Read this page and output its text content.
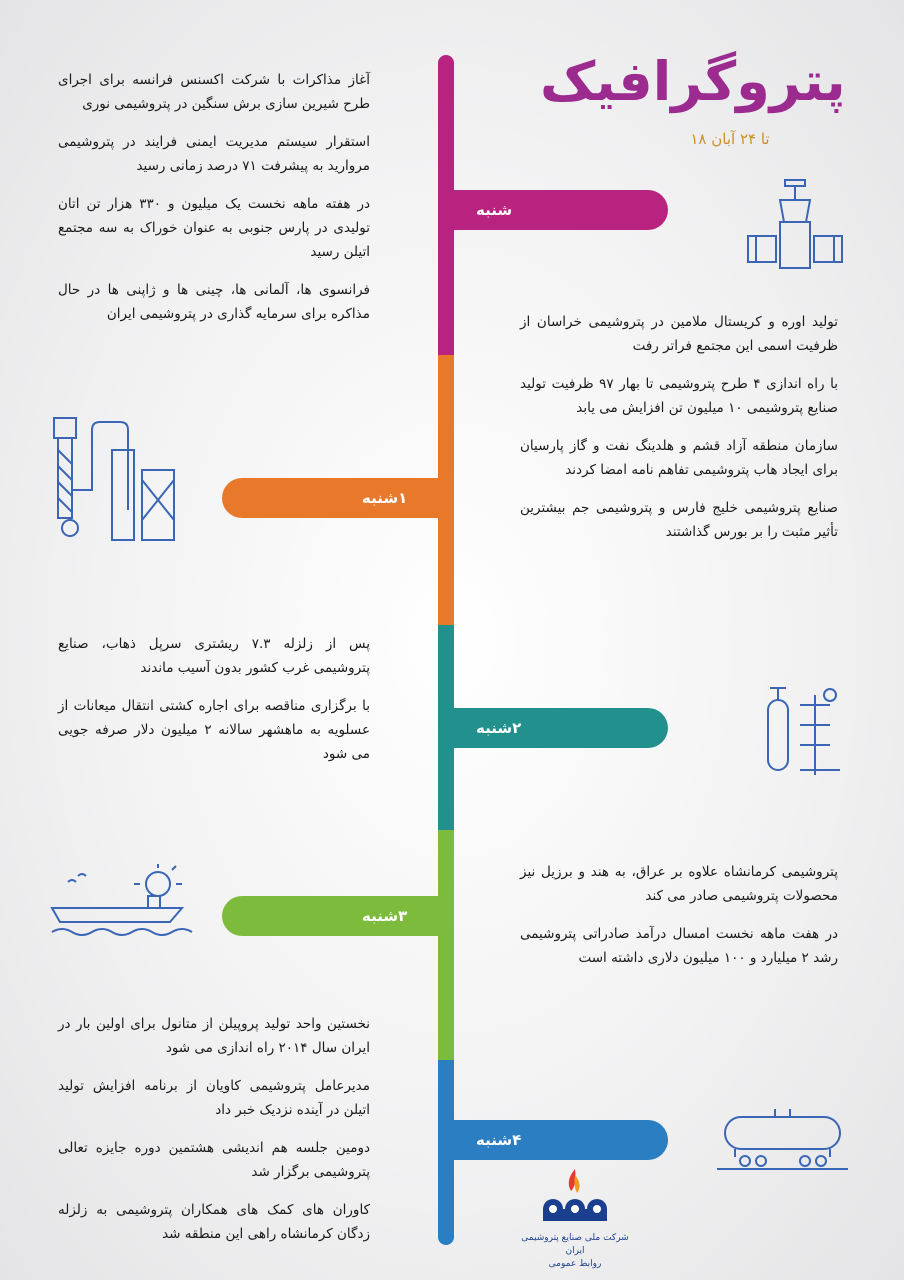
پتروگرافیک
۱۸ تا ۲۴ آبان
شنبه
۱شنبه
۲شنبه
۳شنبه
۴شنبه

آغاز مذاکرات با شرکت اکسنس فرانسه برای اجرای طرح شیرین سازی برش سنگین در پتروشیمی نوری

استقرار سیستم مدیریت ایمنی فرایند در پتروشیمی مروارید به پیشرفت ۷۱ درصد زمانی رسید

در هفته ماهه نخست یک میلیون و ۳۳۰ هزار تن اتان تولیدی در پارس جنوبی به عنوان خوراک به سه مجتمع اتیلن رسید

فرانسوی ها، آلمانی ها، چینی ها و ژاپنی ها در حال مذاکره برای سرمایه گذاری در پتروشیمی ایران	تولید اوره و کریستال ملامین در پتروشیمی خراسان از ظرفیت اسمی این مجتمع فراتر رفت

با راه اندازی ۴ طرح پتروشیمی تا بهار ۹۷ ظرفیت تولید صنایع پتروشیمی ۱۰ میلیون تن افزایش می یابد

سازمان منطقه آزاد قشم و هلدینگ نفت و گاز پارسیان برای ایجاد هاب پتروشیمی تفاهم نامه امضا کردند

صنایع پتروشیمی خلیج فارس و پتروشیمی جم بیشترین تأثیر مثبت را بر بورس گذاشتند

پس از زلزله ۷.۳ ریشتری سرپل ذهاب، صنایع پتروشیمی غرب کشور بدون آسیب ماندند

با برگزاری مناقصه برای اجاره کشتی انتقال میعانات از عسلویه به ماهشهر سالانه ۲ میلیون دلار صرفه جویی می شود

پتروشیمی کرمانشاه علاوه بر عراق، به هند و برزیل نیز محصولات پتروشیمی صادر می کند

در هفت ماهه نخست امسال درآمد صادراتی پتروشیمی رشد ۲ میلیارد و ۱۰۰ میلیون دلاری داشته است

نخستین واحد تولید پروپیلن از متانول برای اولین بار در ایران سال ۲۰۱۴ راه اندازی می شود

مدیرعامل پتروشیمی کاویان از برنامه افزایش تولید اتیلن در آینده نزدیک خبر داد

دومین جلسه هم اندیشی هشتمین دوره جایزه تعالی پتروشیمی برگزار شد

کاوران های کمک های همکاران پتروشیمی به زلزله زدگان کرمانشاه راهی این منطقه شد	شرکت ملی صنایع پتروشیمی ایران
روابط عمومی
